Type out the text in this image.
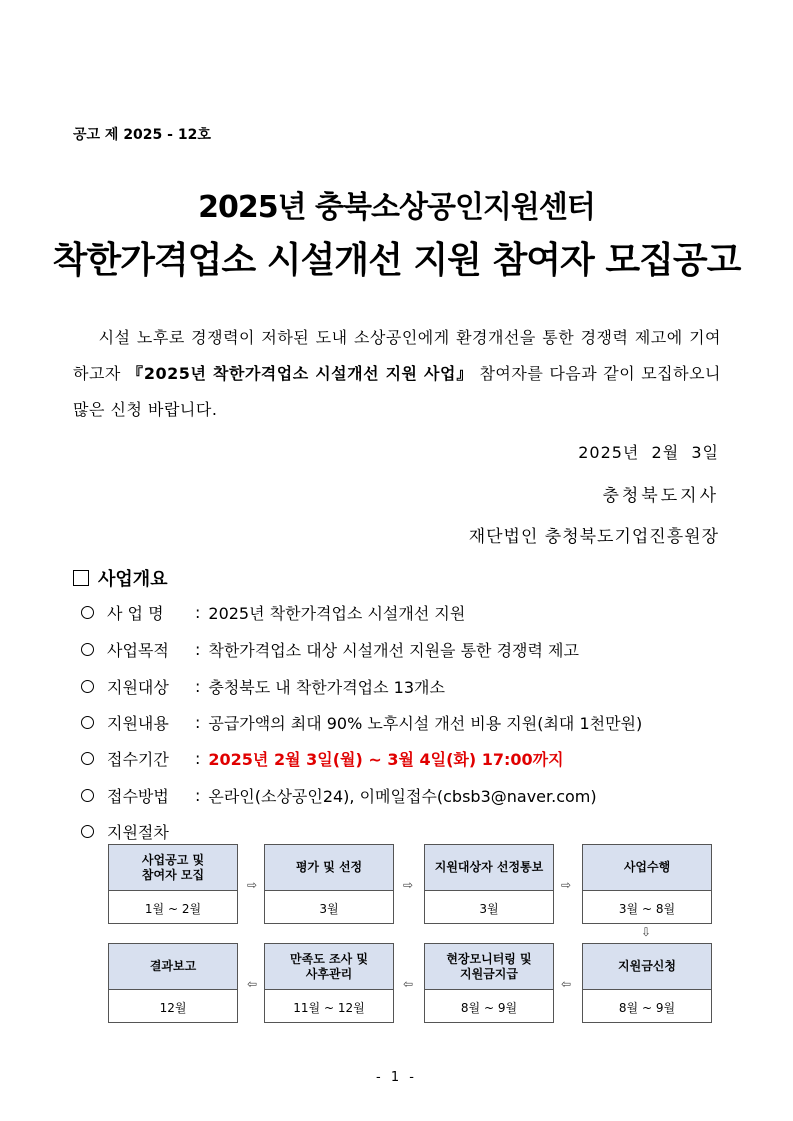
공고 제 2025 - 12호
2025년 충북소상공인지원센터
착한가격업소 시설개선 지원 참여자 모집공고
시설 노후로 경쟁력이 저하된 도내 소상공인에게 환경개선을 통한 경쟁력 제고에 기여하고자 『2025년 착한가격업소 시설개선 지원 사업』 참여자를 다음과 같이 모집하오니 많은 신청 바랍니다.
2025년  2월  3일
충청북도지사
재단법인 충청북도기업진흥원장
사업개요
사 업 명	: 2025년 착한가격업소 시설개선 지원
사업목적	: 착한가격업소 대상 시설개선 지원을 통한 경쟁력 제고
지원대상	: 충청북도 내 착한가격업소 13개소
지원내용	: 공급가액의 최대 90% 노후시설 개선 비용 지원(최대 1천만원)
접수기간	: 2025년 2월 3일(월) ~ 3월 4일(화) 17:00까지
접수방법	: 온라인(소상공인24), 이메일접수(cbsb3@naver.com)
지원절차
사업공고 및
참여자 모집
1월 ~ 2월
⇨
평가 및 선정
3월
⇨
지원대상자 선정통보
3월
⇨
사업수행
3월 ~ 8월
⇩
결과보고
12월
⇦
만족도 조사 및
사후관리
11월 ~ 12월
⇦
현장모니터링 및
지원금지급
8월 ~ 9월
⇦
지원금신청
8월 ~ 9월
- 1 -
